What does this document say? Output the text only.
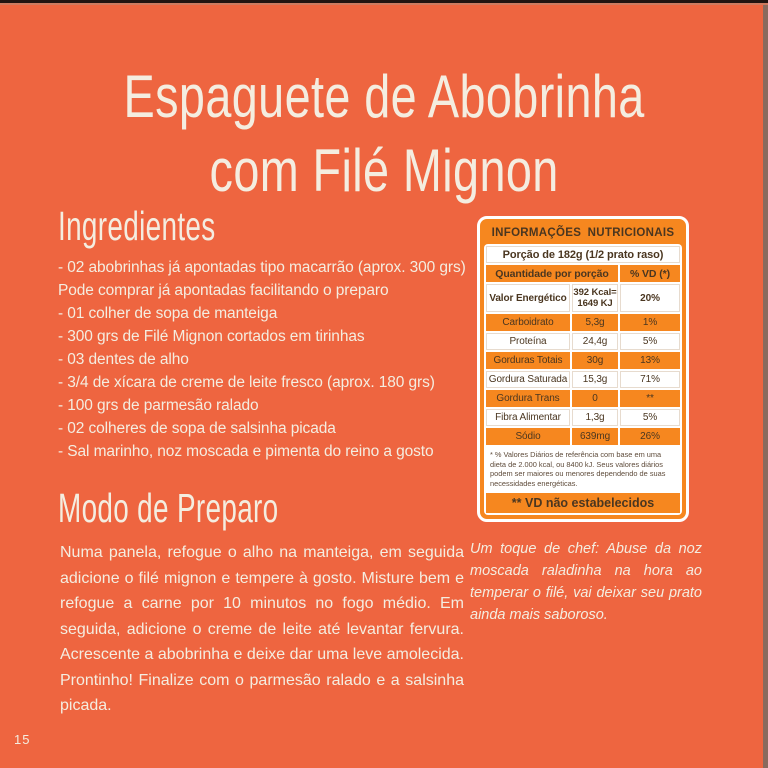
Espaguete de Abobrinha
com Filé Mignon
Ingredientes
- 02 abobrinhas já apontadas tipo macarrão (aprox. 300 grs)
Pode comprar já apontadas facilitando o preparo
- 01 colher de sopa de manteiga
- 300 grs de Filé Mignon cortados em tirinhas
- 03 dentes de alho
- 3/4 de xícara de creme de leite fresco (aprox. 180 grs)
- 100 grs de parmesão ralado
- 02 colheres de sopa de salsinha picada
- Sal marinho, noz moscada e pimenta do reino a gosto
Modo de Preparo

Numa panela, refogue o alho na manteiga, em seguida adicione o filé mignon e tempere à gosto. Misture bem e refogue a carne por 10 minutos no fogo médio. Em seguida, adicione o creme de leite até levantar fervura. Acrescente a abobrinha e deixe dar uma leve amolecida. Prontinho! Finalize com o parmesão ralado e a salsinha picada.

INFORMAÇÕES NUTRICIONAIS
Porção de 182g (1/2 prato raso)
Quantidade por porção	% VD (*)
Valor Energético 392 Kcal= 1649 KJ	20%
Carboidrato	5,3g	1%
Proteína	24,4g	5%
Gorduras Totais	30g	13%
Gordura Saturada	15,3g	71%
Gordura Trans	0	**
Fibra Alimentar	1,3g	5%
Sódio	639mg	26%
* % Valores Diários de referência com base em uma dieta de 2.000 kcal, ou 8400 kJ. Seus valores diários podem ser maiores ou menores dependendo de suas necessidades energéticas.
** VD não estabelecidos

Um toque de chef: Abuse da noz moscada raladinha na hora ao temperar o filé, vai deixar seu prato ainda mais saboroso.

15
